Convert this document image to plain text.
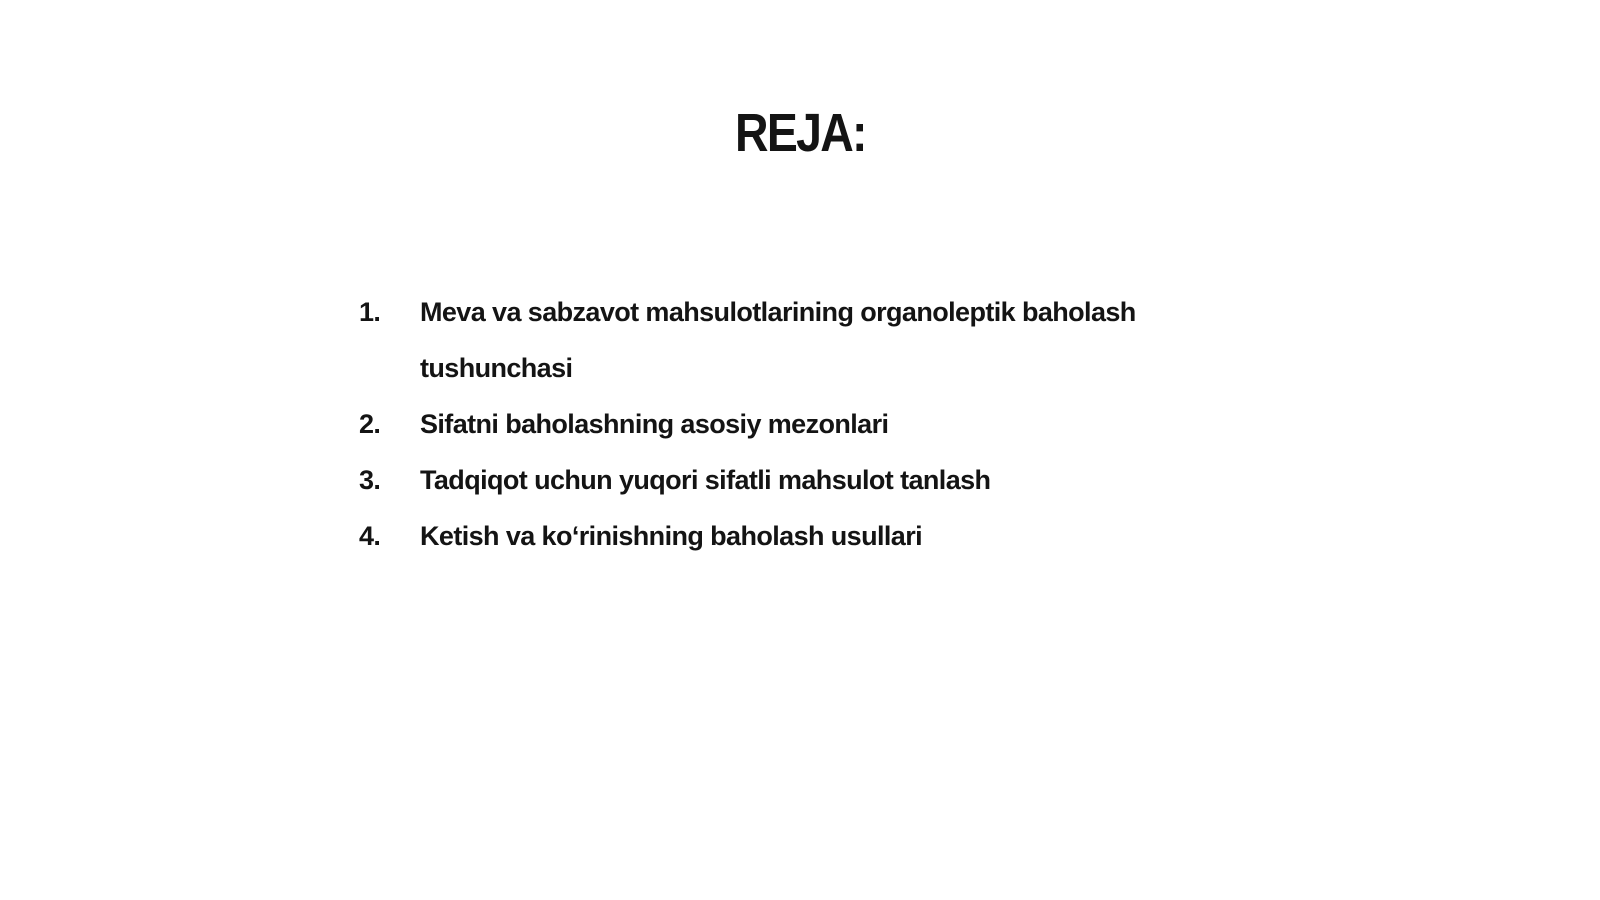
REJA:
1.	Meva va sabzavot mahsulotlarining organoleptik baholash tushunchasi
2.	Sifatni baholashning asosiy mezonlari
3.	Tadqiqot uchun yuqori sifatli mahsulot tanlash
4.	Ketish va ko‘rinishning baholash usullari
